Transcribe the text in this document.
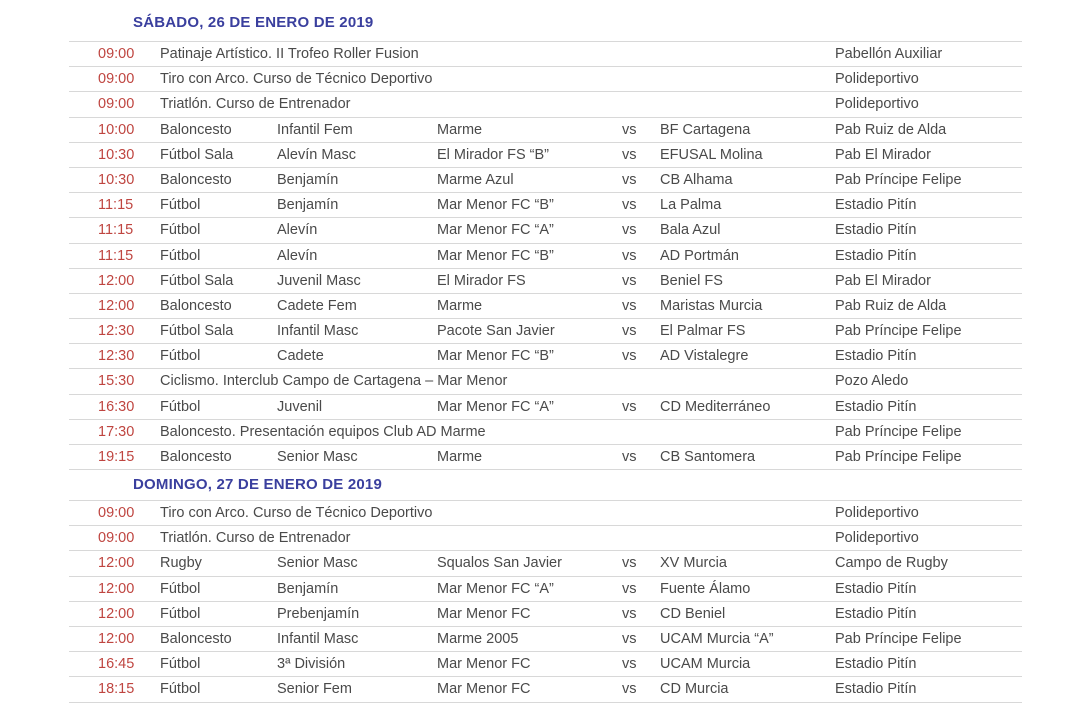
SÁBADO, 26 DE ENERO DE 2019
09:00 Patinaje Artístico. II Trofeo Roller Fusion	Pabellón Auxiliar
09:00 Tiro con Arco. Curso de Técnico Deportivo	Polideportivo
09:00 Triatlón. Curso de Entrenador	Polideportivo
10:00 Baloncesto	Infantil Fem	Marme	vs BF Cartagena	Pab Ruiz de Alda
10:30 Fútbol Sala	Alevín Masc	El Mirador FS “B”	vs EFUSAL Molina	Pab El Mirador
10:30 Baloncesto	Benjamín	Marme Azul	vs CB Alhama	Pab Príncipe Felipe
11:15 Fútbol	Benjamín	Mar Menor FC “B”	vs La Palma	Estadio Pitín
11:15 Fútbol	Alevín	Mar Menor FC “A”	vs Bala Azul	Estadio Pitín
11:15 Fútbol	Alevín	Mar Menor FC “B”	vs AD Portmán	Estadio Pitín
12:00 Fútbol Sala	Juvenil Masc	El Mirador FS	vs Beniel FS	Pab El Mirador
12:00 Baloncesto	Cadete Fem	Marme	vs Maristas Murcia	Pab Ruiz de Alda
12:30 Fútbol Sala	Infantil Masc	Pacote San Javier	vs El Palmar FS	Pab Príncipe Felipe
12:30 Fútbol	Cadete	Mar Menor FC “B”	vs AD Vistalegre	Estadio Pitín
15:30 Ciclismo. Interclub Campo de Cartagena – Mar Menor	Pozo Aledo
16:30 Fútbol	Juvenil	Mar Menor FC “A”	vs CD Mediterráneo	Estadio Pitín
17:30 Baloncesto. Presentación equipos Club AD Marme	Pab Príncipe Felipe
19:15 Baloncesto	Senior Masc	Marme	vs CB Santomera	Pab Príncipe Felipe
DOMINGO, 27 DE ENERO DE 2019
09:00 Tiro con Arco. Curso de Técnico Deportivo	Polideportivo
09:00 Triatlón. Curso de Entrenador	Polideportivo
12:00 Rugby	Senior Masc	Squalos San Javier	vs XV Murcia	Campo de Rugby
12:00 Fútbol	Benjamín	Mar Menor FC “A”	vs Fuente Álamo	Estadio Pitín
12:00 Fútbol	Prebenjamín	Mar Menor FC	vs CD Beniel	Estadio Pitín
12:00 Baloncesto	Infantil Masc	Marme 2005	vs UCAM Murcia “A”	Pab Príncipe Felipe
16:45 Fútbol	3ª División	Mar Menor FC	vs UCAM Murcia	Estadio Pitín
18:15 Fútbol	Senior Fem	Mar Menor FC	vs CD Murcia	Estadio Pitín
